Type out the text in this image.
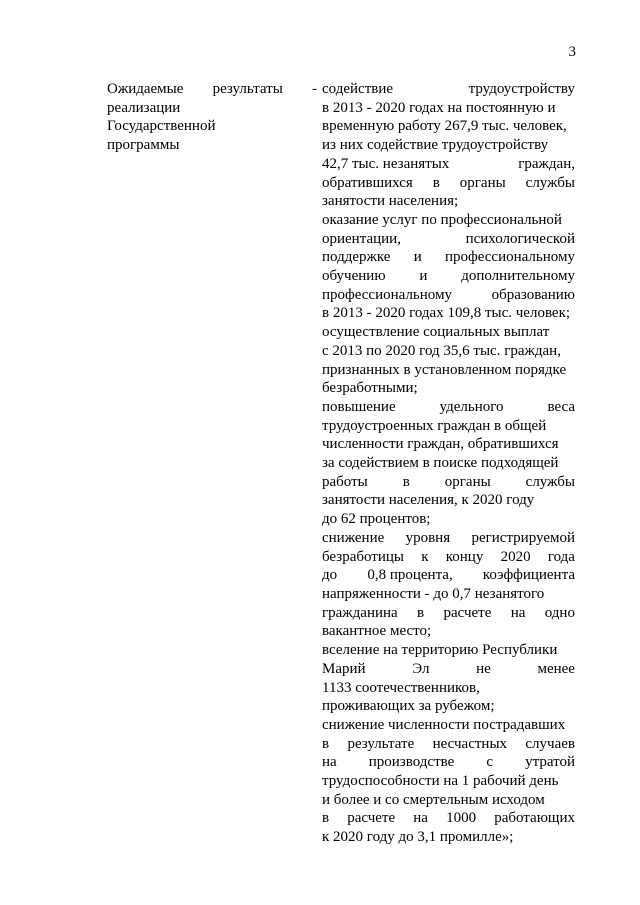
3
Ожидаемые результаты -
реализации
Государственной
программы
содействие	трудоустройству
в 2013 - 2020 годах на постоянную и
временную работу 267,9 тыс. человек,
из них содействие трудоустройству
42,7 тыс. незанятых	граждан,
обратившихся в органы службы
занятости населения;
оказание услуг по профессиональной
ориентации,	психологической
поддержке и профессиональному
обучению и дополнительному
профессиональному	образованию
в 2013 - 2020 годах 109,8 тыс. человек;
осуществление социальных выплат
с 2013 по 2020 год 35,6 тыс. граждан,
признанных в установленном порядке
безработными;
повышение	удельного	веса
трудоустроенных граждан в общей
численности граждан, обратившихся
за содействием в поиске подходящей
работы в органы службы
занятости населения, к 2020 году
до 62 процентов;
снижение уровня регистрируемой
безработицы к концу 2020 года
до 0,8 процента, коэффициента
напряженности - до 0,7 незанятого
гражданина в расчете на одно
вакантное место;
вселение на территорию Республики
Марий	Эл	не	менее
1133 соотечественников,
проживающих за рубежом;
снижение численности пострадавших
в результате несчастных случаев
на производстве с утратой
трудоспособности на 1 рабочий день
и более и со смертельным исходом
в расчете на 1000 работающих
к 2020 году до 3,1 промилле»;
